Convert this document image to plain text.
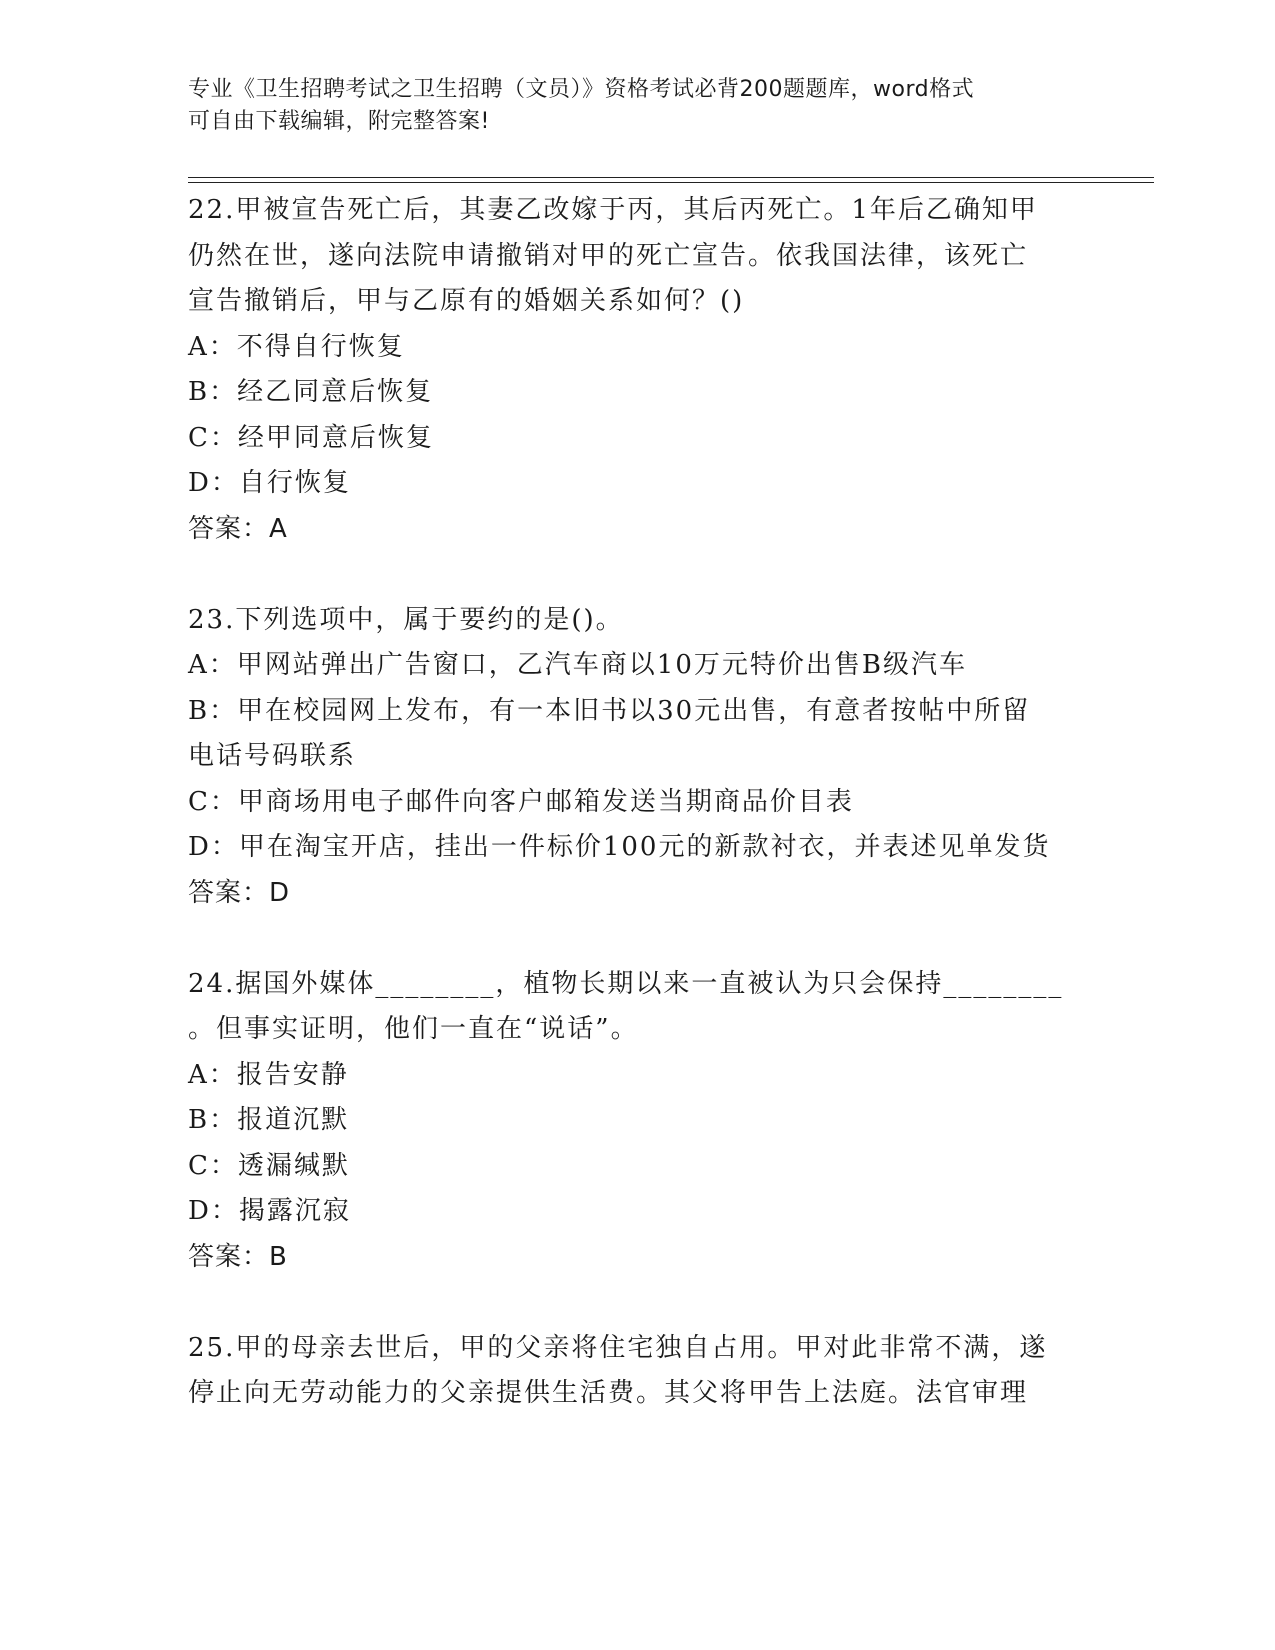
专业《卫生招聘考试之卫生招聘（文员）》资格考试必背200题题库，word格式
可自由下载编辑，附完整答案!

22.甲被宣告死亡后，其妻乙改嫁于丙，其后丙死亡。1年后乙确知甲

仍然在世，遂向法院申请撤销对甲的死亡宣告。依我国法律，该死亡

宣告撤销后，甲与乙原有的婚姻关系如何？()

A：不得自行恢复

B：经乙同意后恢复

C：经甲同意后恢复

D：自行恢复

答案：A

23.下列选项中，属于要约的是()。

A：甲网站弹出广告窗口，乙汽车商以10万元特价出售B级汽车

B：甲在校园网上发布，有一本旧书以30元出售，有意者按帖中所留

电话号码联系

C：甲商场用电子邮件向客户邮箱发送当期商品价目表

D：甲在淘宝开店，挂出一件标价100元的新款衬衣，并表述见单发货

答案：D

24.据国外媒体________，植物长期以来一直被认为只会保持________

。但事实证明，他们一直在“说话”。

A：报告安静

B：报道沉默

C：透漏缄默

D：揭露沉寂

答案：B

25.甲的母亲去世后，甲的父亲将住宅独自占用。甲对此非常不满，遂

停止向无劳动能力的父亲提供生活费。其父将甲告上法庭。法官审理
